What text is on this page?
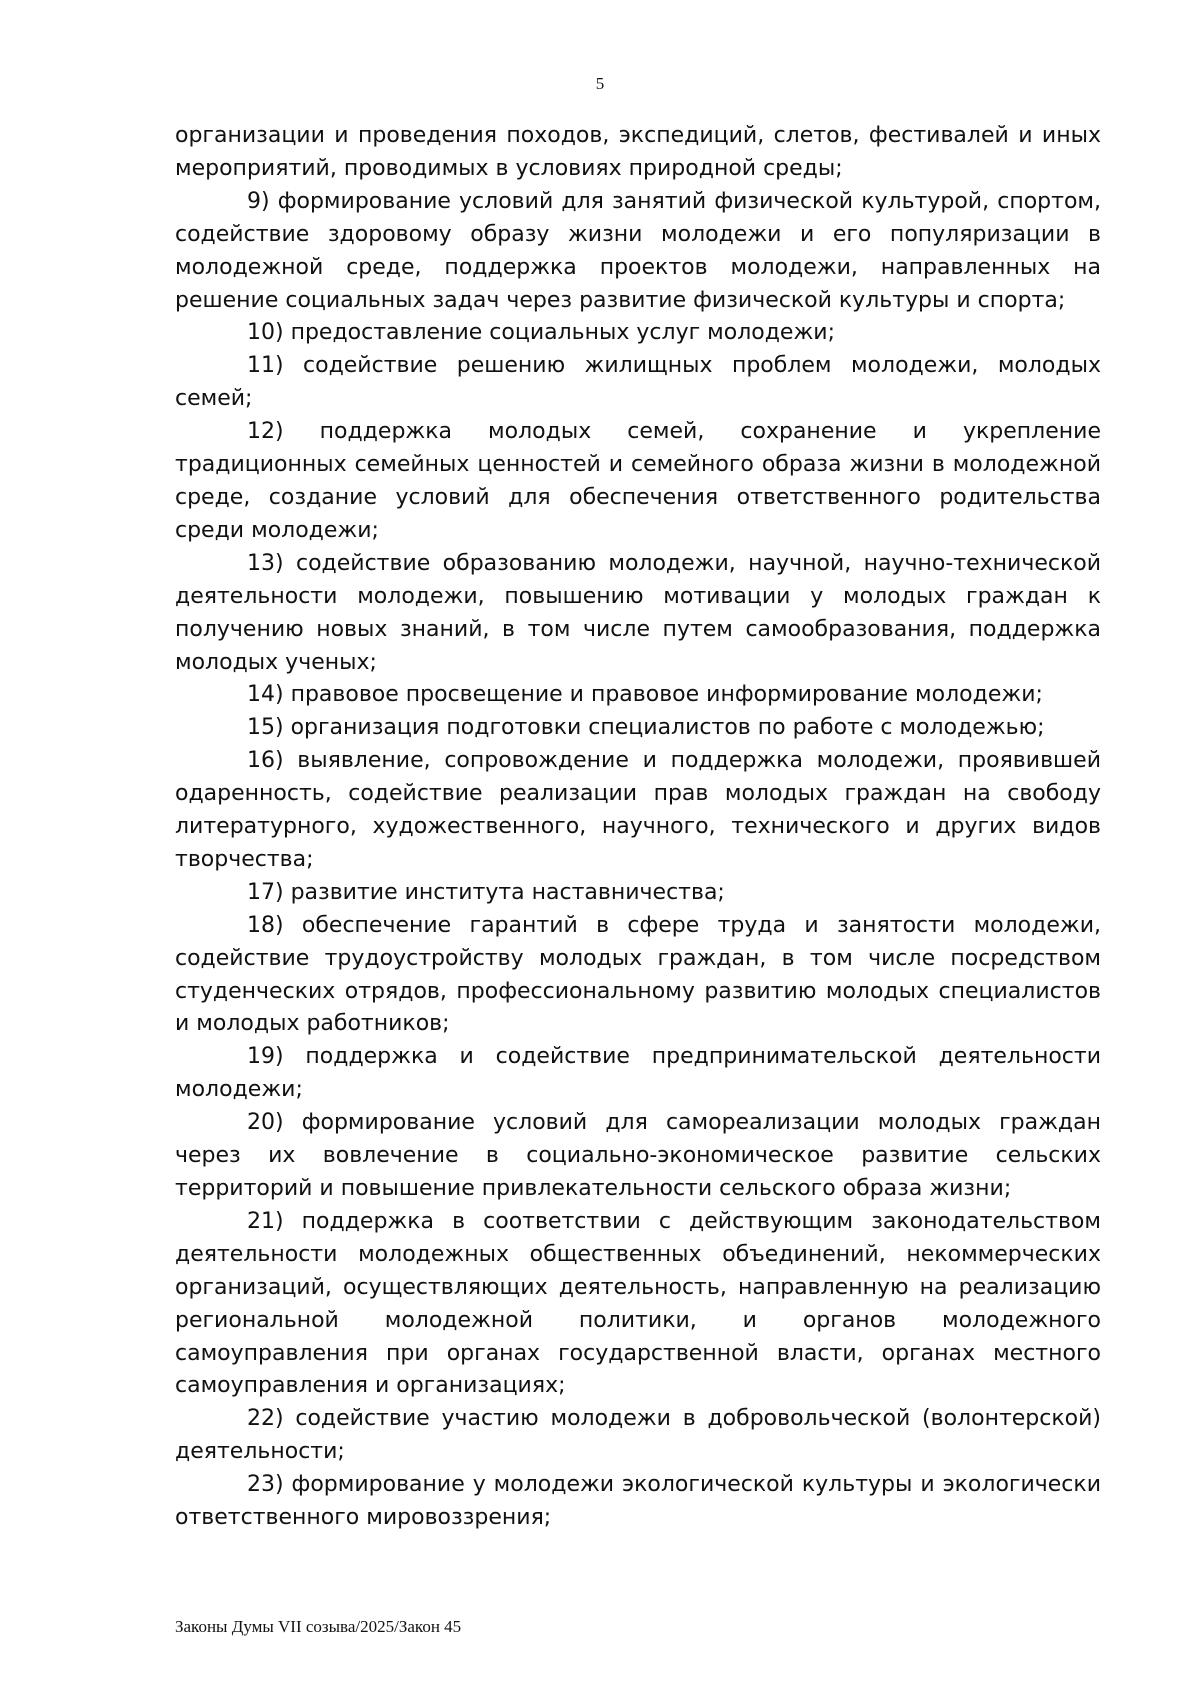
5

организации и проведения походов, экспедиций, слетов, фестивалей и иных мероприятий, проводимых в условиях природной среды;

9) формирование условий для занятий физической культурой, спортом, содействие здоровому образу жизни молодежи и его популяризации в молодежной среде, поддержка проектов молодежи, направленных на решение социальных задач через развитие физической культуры и спорта;

10) предоставление социальных услуг молодежи;

11) содействие решению жилищных проблем молодежи, молодых семей;

12) поддержка молодых семей, сохранение и укрепление традиционных семейных ценностей и семейного образа жизни в молодежной среде, создание условий для обеспечения ответственного родительства среди молодежи;

13) содействие образованию молодежи, научной, научно-технической деятельности молодежи, повышению мотивации у молодых граждан к получению новых знаний, в том числе путем самообразования, поддержка молодых ученых;

14) правовое просвещение и правовое информирование молодежи;

15) организация подготовки специалистов по работе с молодежью;

16) выявление, сопровождение и поддержка молодежи, проявившей одаренность, содействие реализации прав молодых граждан на свободу литературного, художественного, научного, технического и других видов творчества;

17) развитие института наставничества;

18) обеспечение гарантий в сфере труда и занятости молодежи, содействие трудоустройству молодых граждан, в том числе посредством студенческих отрядов, профессиональному развитию молодых специалистов и молодых работников;

19) поддержка и содействие предпринимательской деятельности молодежи;

20) формирование условий для самореализации молодых граждан через их вовлечение в социально-экономическое развитие сельских территорий и повышение привлекательности сельского образа жизни;

21) поддержка в соответствии с действующим законодательством деятельности молодежных общественных объединений, некоммерческих организаций, осуществляющих деятельность, направленную на реализацию региональной молодежной политики, и органов молодежного самоуправления при органах государственной власти, органах местного самоуправления и организациях;

22) содействие участию молодежи в добровольческой (волонтерской) деятельности;

23) формирование у молодежи экологической культуры и экологически ответственного мировоззрения;

Законы Думы VII созыва/2025/Закон 45
